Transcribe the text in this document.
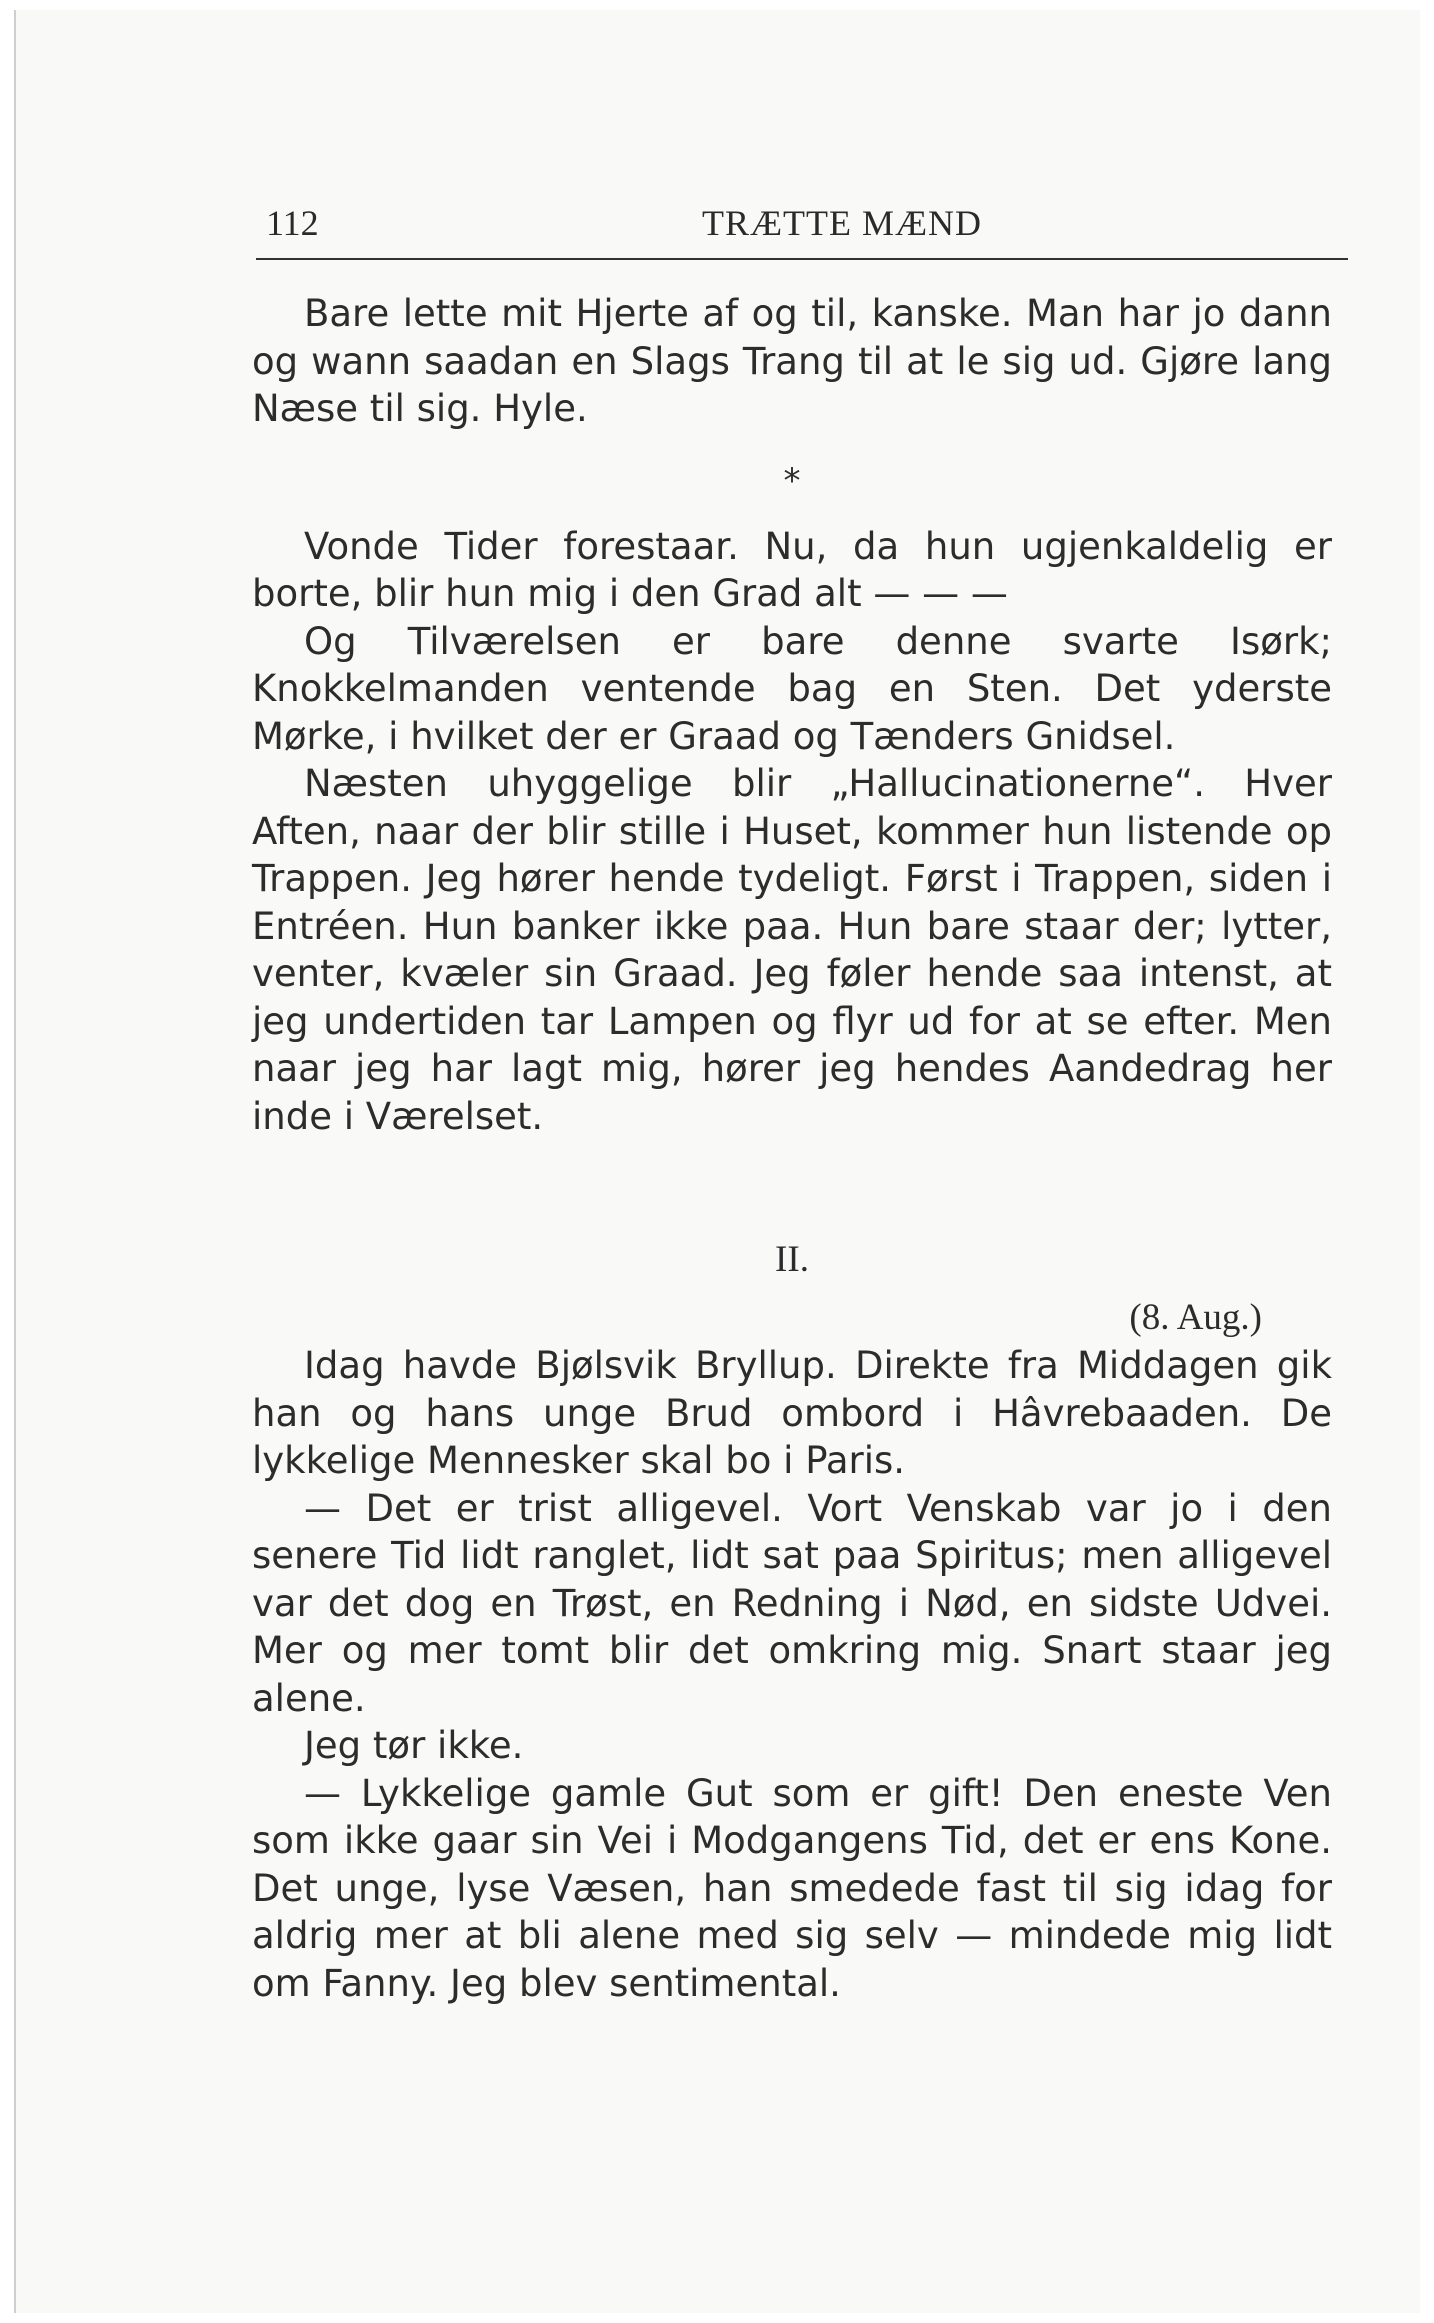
112	TRÆTTE MÆND

Bare lette mit Hjerte af og til, kanske. Man har jo dann og wann saadan en Slags Trang til at le sig ud. Gjøre lang Næse til sig. Hyle.

*

Vonde Tider forestaar. Nu, da hun ugjenkaldelig er borte, blir hun mig i den Grad alt — — —

Og Tilværelsen er bare denne svarte Isørk; Knokkelmanden ventende bag en Sten. Det yderste Mørke, i hvilket der er Graad og Tænders Gnidsel.

Næsten uhyggelige blir „Hallucinationerne“. Hver Aften, naar der blir stille i Huset, kommer hun listende op Trappen. Jeg hører hende tydeligt. Først i Trappen, siden i Entréen. Hun banker ikke paa. Hun bare staar der; lytter, venter, kvæler sin Graad. Jeg føler hende saa intenst, at jeg undertiden tar Lampen og flyr ud for at se efter. Men naar jeg har lagt mig, hører jeg hendes Aandedrag her inde i Værelset.

II.
(8. Aug.)

Idag havde Bjølsvik Bryllup. Direkte fra Middagen gik han og hans unge Brud ombord i Hâvrebaaden. De lykkelige Mennesker skal bo i Paris.

— Det er trist alligevel. Vort Venskab var jo i den senere Tid lidt ranglet, lidt sat paa Spiritus; men alligevel var det dog en Trøst, en Redning i Nød, en sidste Udvei. Mer og mer tomt blir det omkring mig. Snart staar jeg alene.

Jeg tør ikke.

— Lykkelige gamle Gut som er gift! Den eneste Ven som ikke gaar sin Vei i Modgangens Tid, det er ens Kone. Det unge, lyse Væsen, han smedede fast til sig idag for aldrig mer at bli alene med sig selv — mindede mig lidt om Fanny. Jeg blev sentimental.
